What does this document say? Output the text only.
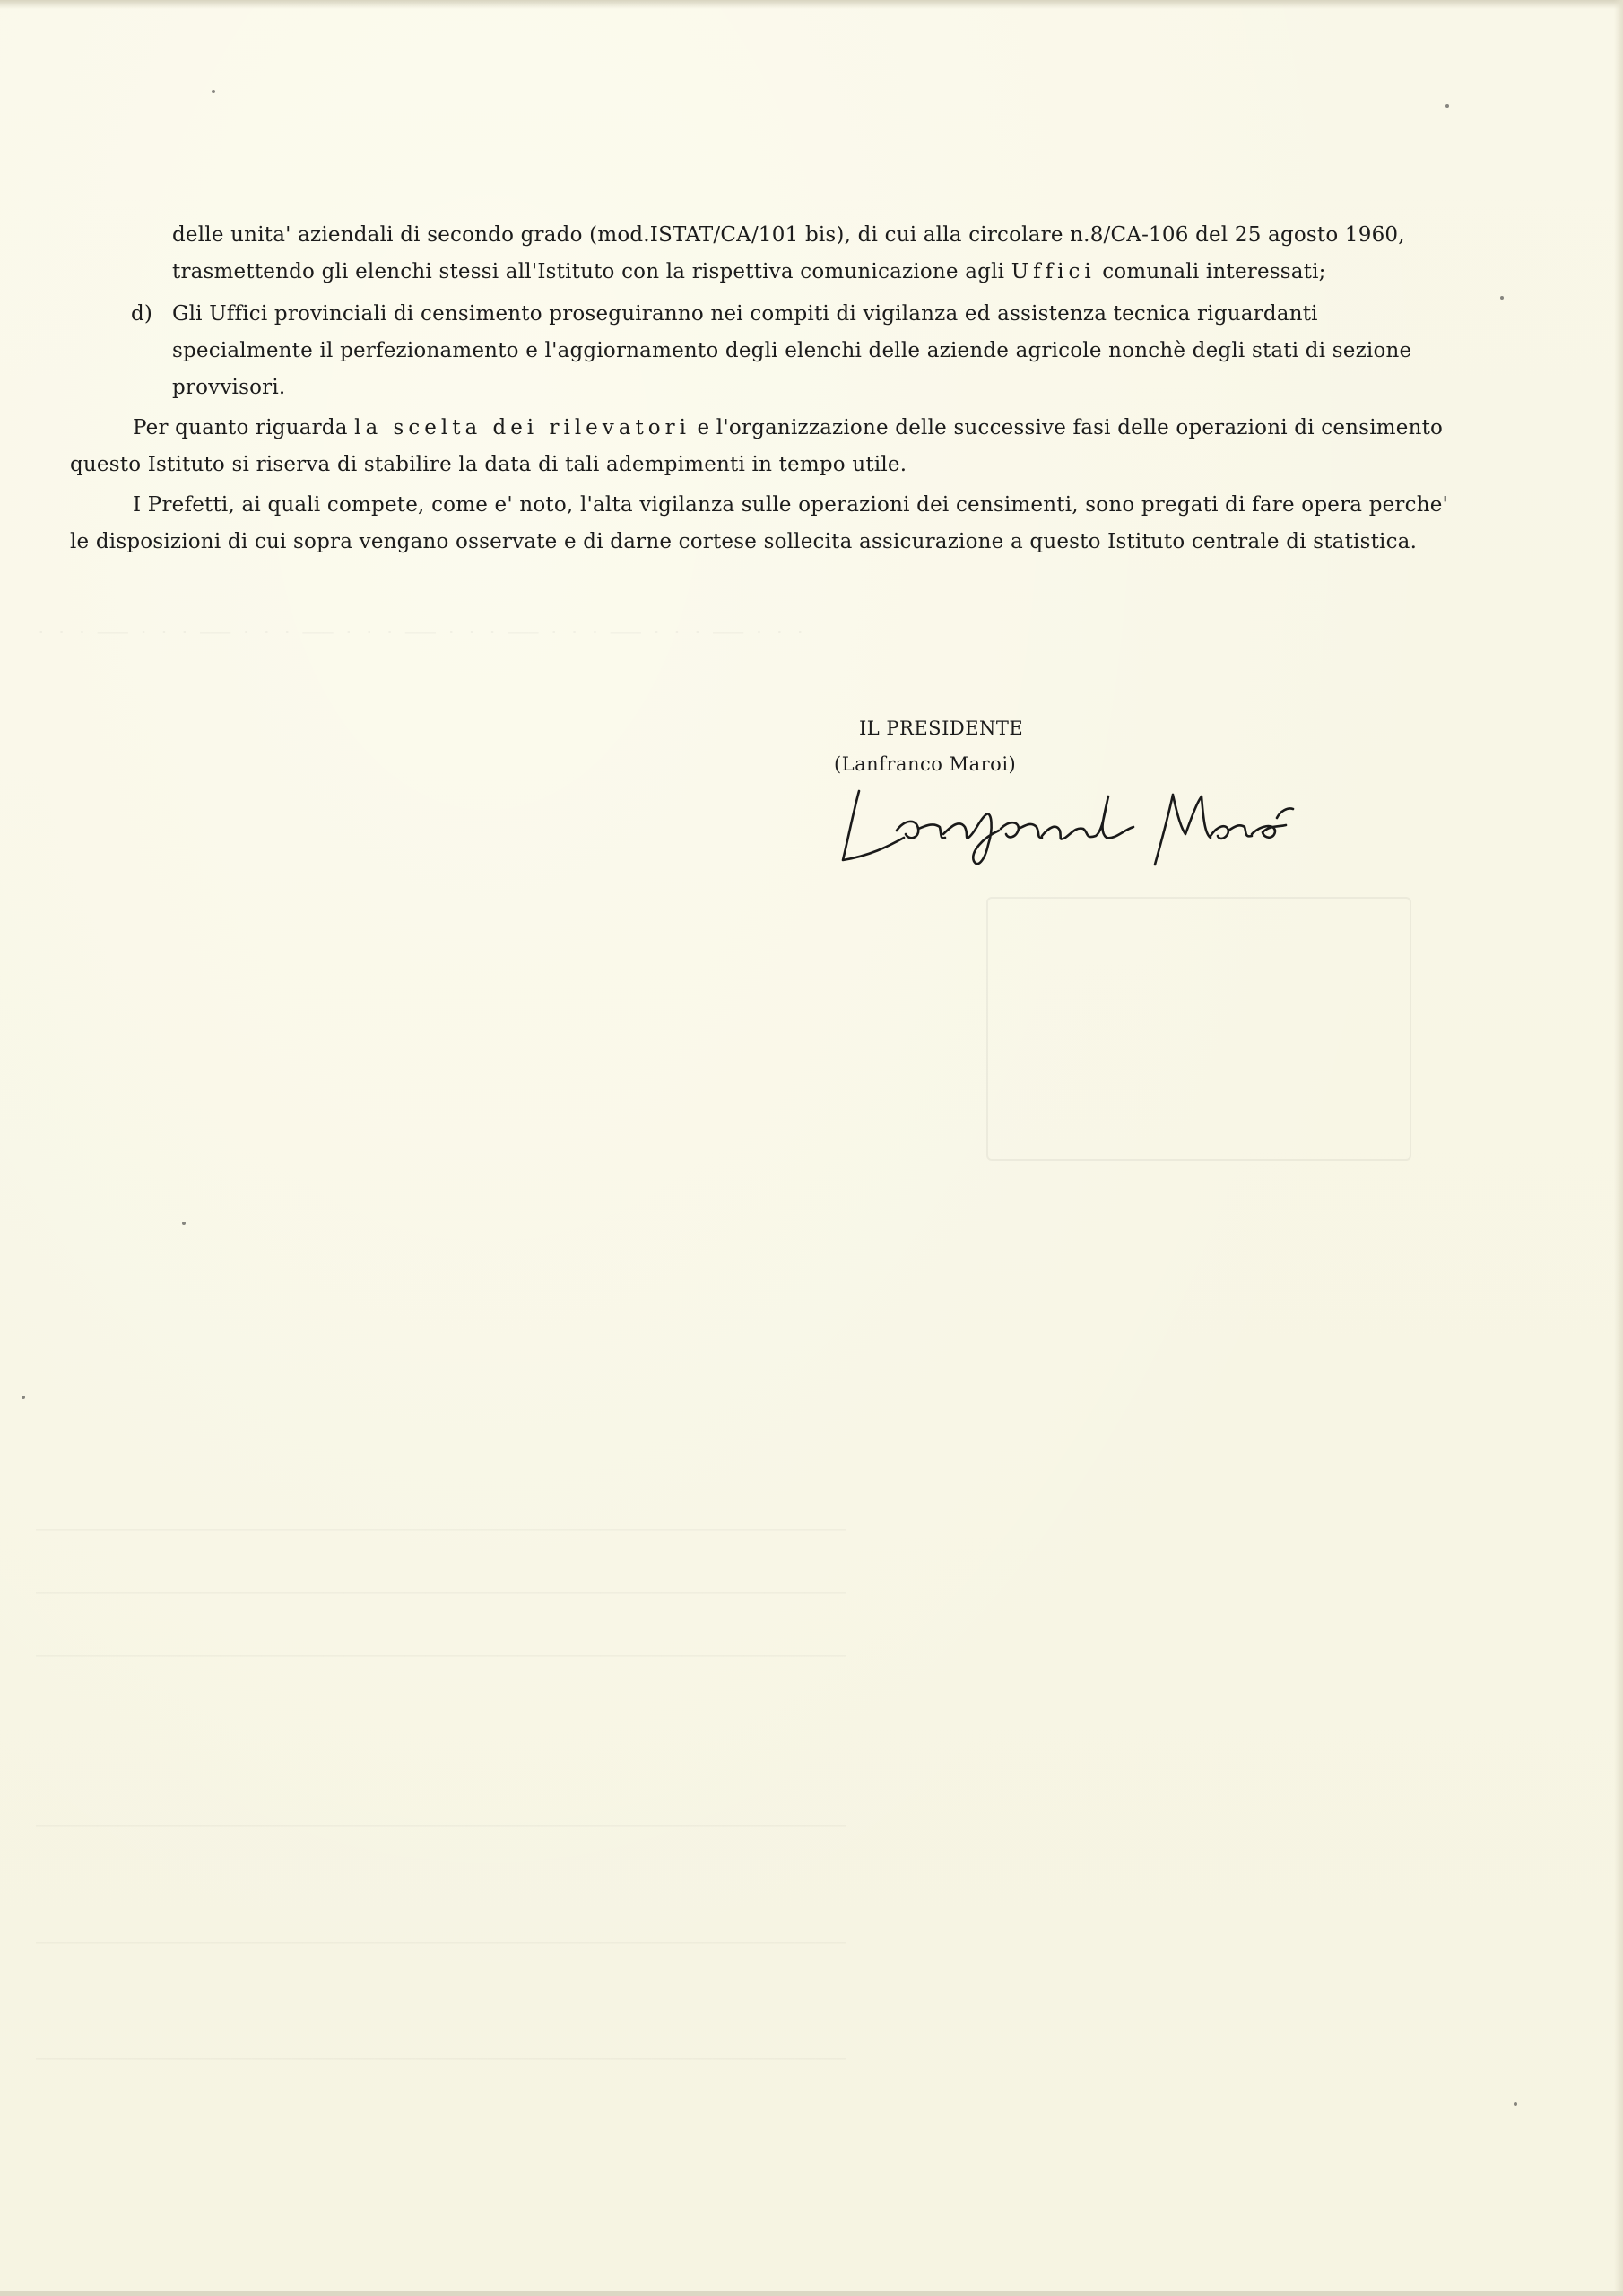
· · · ——— · · · ——— · · · ——— · · · ——— · · · ——— · · · ——— · · · ——— · · ·
———————————————————————————————————————————————————————————————————————————————
———————————————————————————————————————————————————————————————————————————————
———————————————————————————————————————————————————————————————————————————————
———————————————————————————————————————————————————————————————————————————————
———————————————————————————————————————————————————————————————————————————————
———————————————————————————————————————————————————————————————————————————————

delle unita' aziendali di secondo grado (mod.ISTAT/CA/101 bis), di cui alla circolare n.8/CA-106 del 25 agosto 1960, trasmettendo gli elenchi stessi all'Istituto con la rispettiva comunicazione agli Uffici comunali interessati;

d) Gli Uffici provinciali di censimento proseguiranno nei compiti di vigilanza ed assistenza tecnica riguardanti specialmente il perfezionamento e l'aggiornamento degli elenchi delle aziende agricole nonchè degli stati di sezione provvisori.

Per quanto riguarda la scelta dei rilevatori e l'organizzazione delle successive fasi delle operazioni di censimento questo Istituto si riserva di stabilire la data di tali adempimenti in tempo utile.

I Prefetti, ai quali compete, come e' noto, l'alta vigilanza sulle operazioni dei censimenti, sono pregati di fare opera perche' le disposizioni di cui sopra vengano osservate e di darne cortese sollecita assicurazione a questo Istituto centrale di statistica.

IL PRESIDENTE
(Lanfranco Maroi)
